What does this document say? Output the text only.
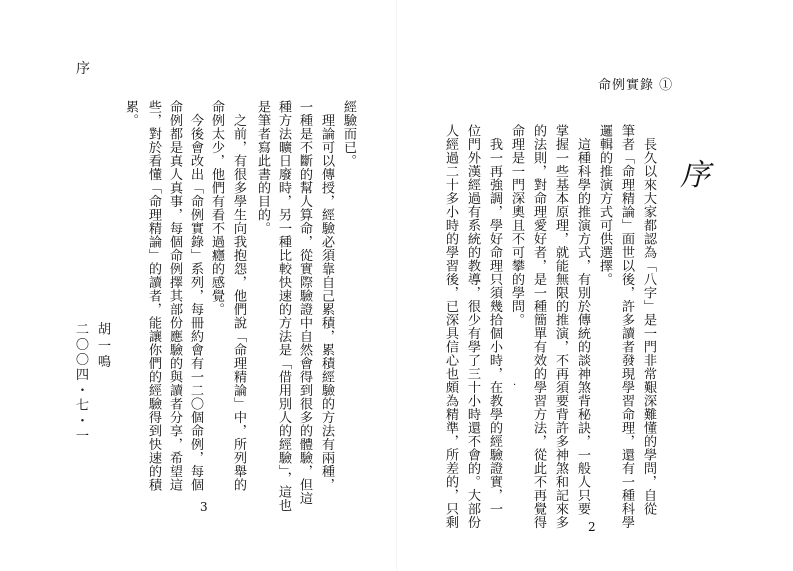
序
經驗而已。
　理論可以傳授，經驗必須靠自己累積，累積經驗的方法有兩種，
一種是不斷的幫人算命，從實際驗證中自然會得到很多的體驗，但這
種方法曠日廢時，另一種比較快速的方法是「借用別人的經驗」，這也
是筆者寫此書的目的。
　之前，有很多學生向我抱怨，他們說「命理精論」中，所列舉的
命例太少，他們有看不過癮的感覺。
　今後會改出「命例實錄」系列，每冊約會有一二〇個命例，每個
命例都是真人真事，每個命例擇其部份應驗的與讀者分享，希望這
些，對於看懂「命理精論」的讀者，能讓你們的經驗得到快速的積
累。
胡一鳴
二〇〇四・七・一
3
命例實錄 ①
序
　長久以來大家都認為「八字」是一門非常艱深難懂的學問，自從
筆者「命理精論」面世以後，許多讀者發現學習命理，還有一種科學
邏輯的推演方式可供選擇。
　這種科學的推演方式，有別於傳統的談神煞背秘訣，一般人只要
掌握一些基本原理，就能無限的推演，不再須要背許多神煞和記來多
的法則，對命理愛好者，是一種簡單有效的學習方法，從此不再覺得
命理是一門深奧且不可攀的學問。
　我一再強調，學好命理只須幾拾個小時，在教學的經驗證實，一
位門外漢經過有系統的教導，很少有學了三十小時還不會的。大部份
人經過二十多小時的學習後，已深具信心也頗為精準，所差的，只剩	·
2
